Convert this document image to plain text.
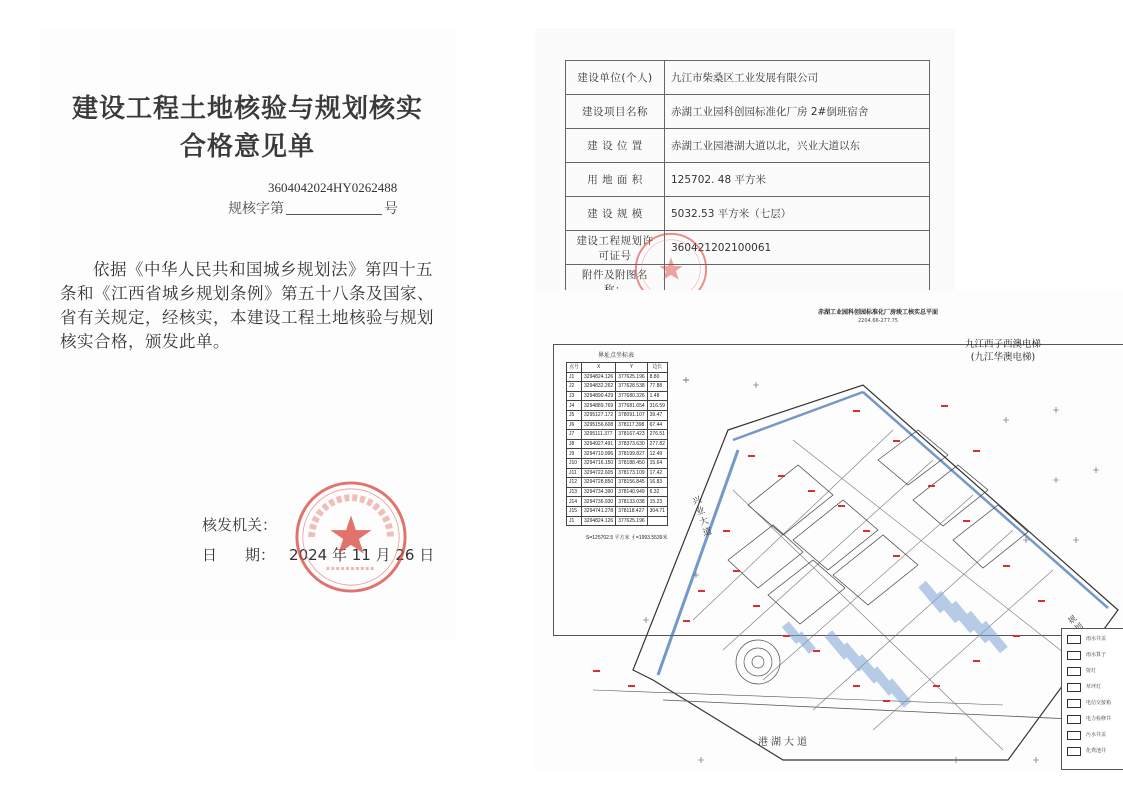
建设工程土地核验与规划核实
合格意见单
3604042024HY0262488
规核字第	号
依据《中华人民共和国城乡规划法》第四十五条和《江西省城乡规划条例》第五十八条及国家、省有关规定，经核实，本建设工程土地核验与规划核实合格，颁发此单。
核发机关：
日 期： 2024 年 11 月 26 日
建设单位(个人)	九江市柴桑区工业发展有限公司
建设项目名称	赤湖工业园科创园标准化厂房 2#倒班宿舍
建 设 位 置	赤湖工业园港湖大道以北，兴业大道以东
用 地 面 积	125702. 48 平方米
建 设 规 模	5032.53 平方米（七层）
建设工程规划许可证号	360421202100061
附件及附图名	
赤湖工业园科创园标准化厂房竣工核实总平面
2204.66-277.75
界址点坐标表
点号	X	Y	边长
J1	3294824.126	377625.196	8.80
J2	3294832.262	377628.538	77.88
J3	3294890.429	377680.326	1.48
J4	3294889.769	377681.654	316.59
J5	3295127.172	378091.107	39.47
J6	3295156.608	378117.398	67.44
J7	3295111.377	378167.423	276.51
J8	3294927.491	378373.630	277.82
J9	3294710.996	378199.827	12.49
J10	3294716.150	378188.450	15.64
J11	3294722.605	378173.109	17.42
J12	3294728.850	378156.845	16.83
J13	3294734.390	378140.949	6.32
J14	3294736.930	378133.038	15.23
J15	3294741.278	378118.427	304.71
J1	3294824.126	377625.196	
S=125702.5 平方米 ∮=1993.5539米
九江西子西澳电梯
(九江华澳电梯)
兴业大道
港湖大道
规划路
雨水井盖
雨水算子
射灯
草坪灯
电信交接箱
电力检修井
污水井盖
化粪池井
